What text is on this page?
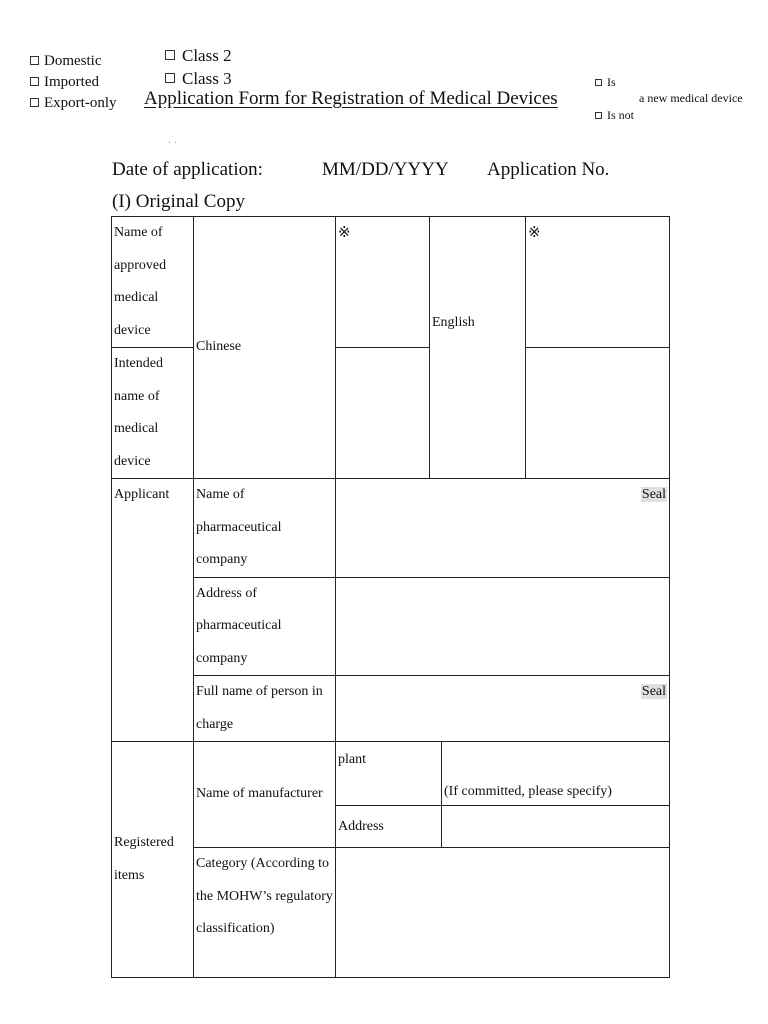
Domestic
Imported
Export-only
Class 2
Class 3
Application Form for Registration of Medical Devices
Is
Is not
a new medical device
· ·
Date of application:	MM/DD/YYYY Application No.
(I) Original Copy
Name of approved medical device	Chinese	※	English		※
Intended name of medical device					
Applicant	Name of pharmaceutical company	Seal			
	Address of pharmaceutical company				
	Full name of person in charge	Seal			
Registered items	Name of manufacturer	plant		(If committed, please specify)	
		Address			
	Category (According to the MOHW’s regulatory classification)				
